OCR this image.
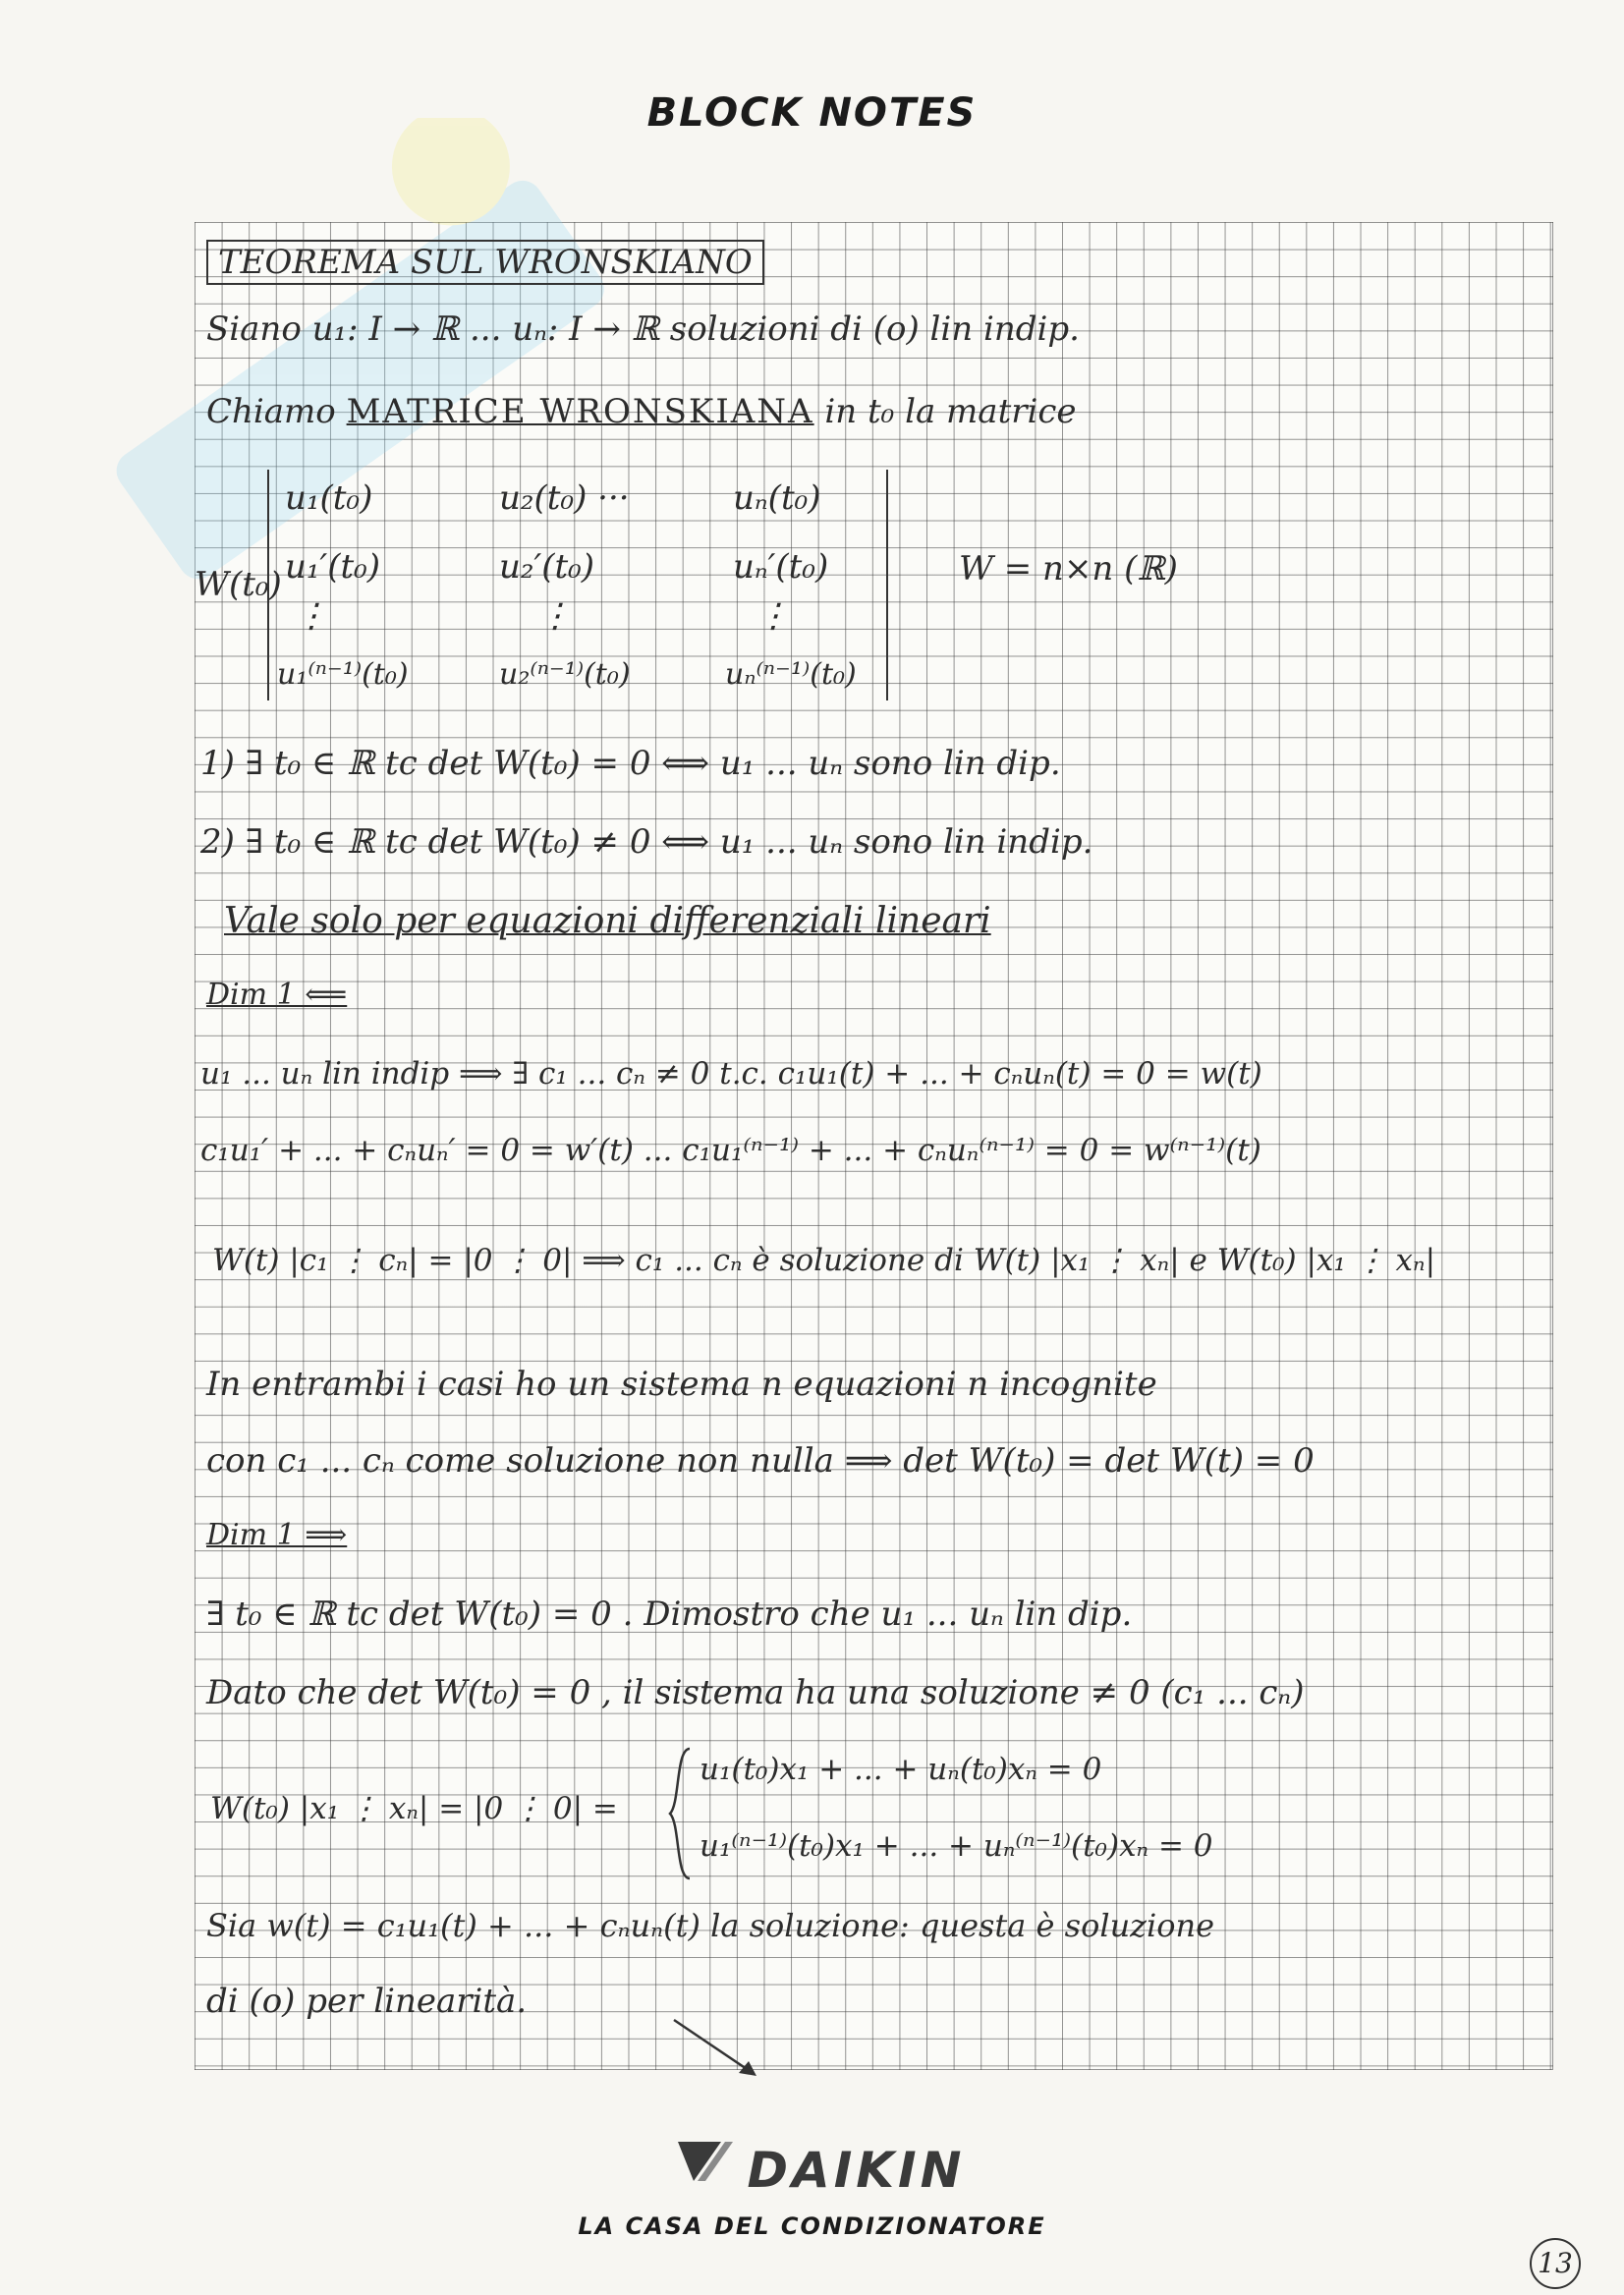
BLOCK NOTES
TEOREMA SUL WRONSKIANO
Siano u₁: I → ℝ ... uₙ: I → ℝ soluzioni di (o) lin indip.
Chiamo MATRICE WRONSKIANA in t₀ la matrice
W(t₀)
u₁(t₀)	u₂(t₀) ···	uₙ(t₀)
u₁′(t₀)	u₂′(t₀)	uₙ′(t₀)
⋮	⋮	⋮
u₁⁽ⁿ⁻¹⁾(t₀)	u₂⁽ⁿ⁻¹⁾(t₀)	uₙ⁽ⁿ⁻¹⁾(t₀)
W = n×n (ℝ)
1) ∃ t₀ ∈ ℝ tc det W(t₀) = 0 ⟺ u₁ ... uₙ sono lin dip.
2) ∃ t₀ ∈ ℝ tc det W(t₀) ≠ 0 ⟺ u₁ ... uₙ sono lin indip.
Vale solo per equazioni differenziali lineari
Dim 1 ⟸
u₁ ... uₙ lin indip ⟹ ∃ c₁ ... cₙ ≠ 0 t.c. c₁u₁(t) + ... + cₙuₙ(t) = 0 = w(t)
c₁u₁′ + ... + cₙuₙ′ = 0 = w′(t) ... c₁u₁⁽ⁿ⁻¹⁾ + ... + cₙuₙ⁽ⁿ⁻¹⁾ = 0 = w⁽ⁿ⁻¹⁾(t)
W(t) |c₁ ⋮ cₙ| = |0 ⋮ 0| ⟹ c₁ ... cₙ è soluzione di W(t) |x₁ ⋮ xₙ| e W(t₀) |x₁ ⋮ xₙ|
In entrambi i casi ho un sistema n equazioni n incognite
con c₁ ... cₙ come soluzione non nulla ⟹ det W(t₀) = det W(t) = 0
Dim 1 ⟹
∃ t₀ ∈ ℝ tc det W(t₀) = 0 . Dimostro che u₁ ... uₙ lin dip.
Dato che det W(t₀) = 0 , il sistema ha una soluzione ≠ 0 (c₁ ... cₙ)
W(t₀) |x₁ ⋮ xₙ| = |0 ⋮ 0| =
u₁(t₀)x₁ + ... + uₙ(t₀)xₙ = 0
u₁⁽ⁿ⁻¹⁾(t₀)x₁ + ... + uₙ⁽ⁿ⁻¹⁾(t₀)xₙ = 0
Sia w(t) = c₁u₁(t) + ... + cₙuₙ(t) la soluzione: questa è soluzione
di (o) per linearità.
DAIKIN
LA CASA DEL CONDIZIONATORE
13
